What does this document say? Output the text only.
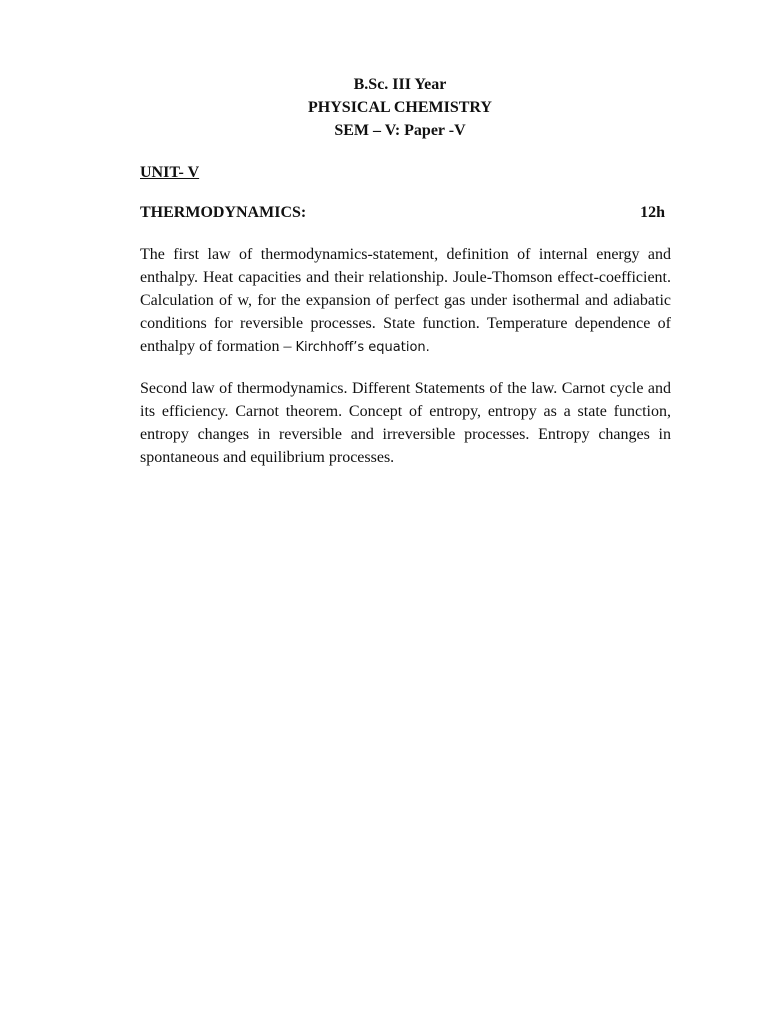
B.Sc. III Year
PHYSICAL CHEMISTRY
SEM – V: Paper -V
UNIT- V
THERMODYNAMICS:	12h

The first law of thermodynamics-statement, definition of internal energy and enthalpy. Heat capacities and their relationship. Joule-Thomson effect-coefficient. Calculation of w, for the expansion of perfect gas under isothermal and adiabatic conditions for reversible processes. State function. Temperature dependence of enthalpy of formation – Kirchhoff’s equation.

Second law of thermodynamics. Different Statements of the law. Carnot cycle and its efficiency. Carnot theorem. Concept of entropy, entropy as a state function, entropy changes in reversible and irreversible processes. Entropy changes in spontaneous and equilibrium processes.
